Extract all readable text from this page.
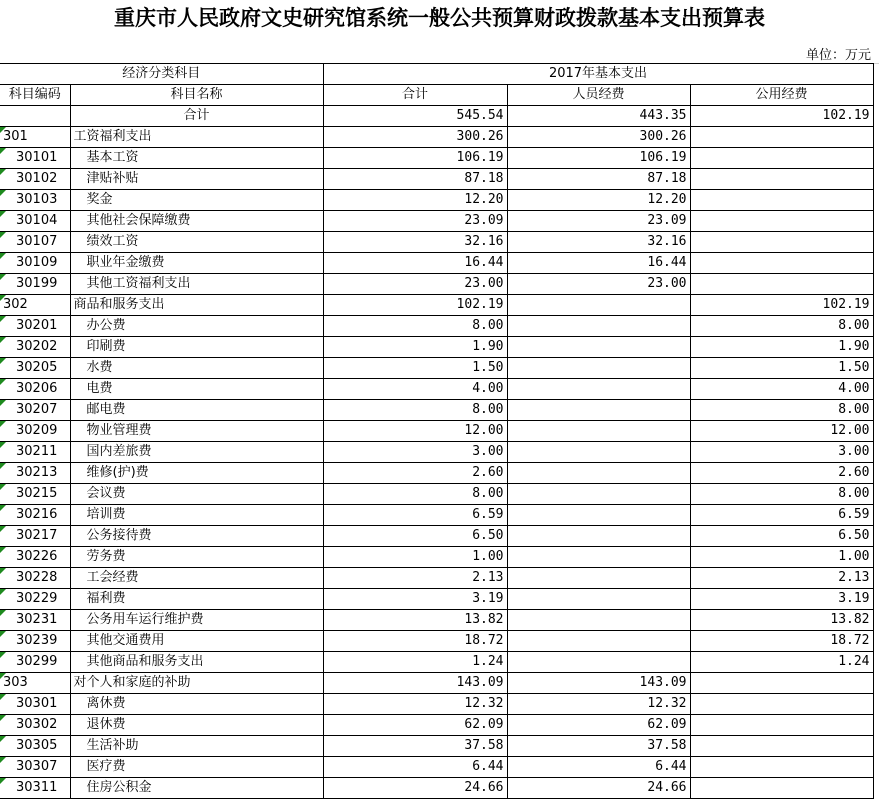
重庆市人民政府文史研究馆系统一般公共预算财政拨款基本支出预算表
单位：万元
经济分类科目		2017年基本支出		
科目编码	科目名称	合计	人员经费	公用经费
	合计	545.54	443.35	102.19
301	工资福利支出	300.26	300.26	
30101	基本工资	106.19	106.19	
30102	津贴补贴	87.18	87.18	
30103	奖金	12.20	12.20	
30104	其他社会保障缴费	23.09	23.09	
30107	绩效工资	32.16	32.16	
30109	职业年金缴费	16.44	16.44	
30199	其他工资福利支出	23.00	23.00	
302	商品和服务支出	102.19		102.19
30201	办公费	8.00		8.00
30202	印刷费	1.90		1.90
30205	水费	1.50		1.50
30206	电费	4.00		4.00
30207	邮电费	8.00		8.00
30209	物业管理费	12.00		12.00
30211	国内差旅费	3.00		3.00
30213	维修(护)费	2.60		2.60
30215	会议费	8.00		8.00
30216	培训费	6.59		6.59
30217	公务接待费	6.50		6.50
30226	劳务费	1.00		1.00
30228	工会经费	2.13		2.13
30229	福利费	3.19		3.19
30231	公务用车运行维护费	13.82		13.82
30239	其他交通费用	18.72		18.72
30299	其他商品和服务支出	1.24		1.24
303	对个人和家庭的补助	143.09	143.09	
30301	离休费	12.32	12.32	
30302	退休费	62.09	62.09	
30305	生活补助	37.58	37.58	
30307	医疗费	6.44	6.44	
30311	住房公积金	24.66	24.66	
